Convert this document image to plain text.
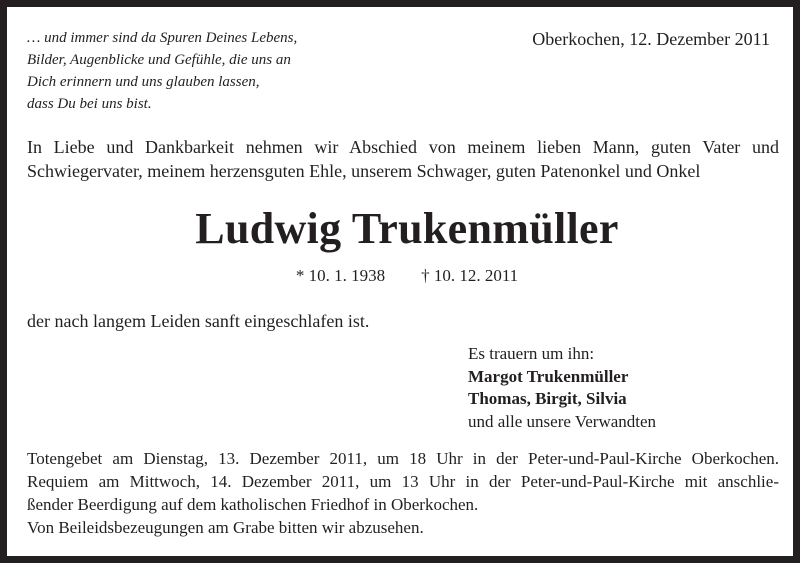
… und immer sind da Spuren Deines Lebens,
Bilder, Augenblicke und Gefühle, die uns an
Dich erinnern und uns glauben lassen,
dass Du bei uns bist.
Oberkochen, 12. Dezember 2011
In Liebe und Dankbarkeit nehmen wir Abschied von meinem lieben Mann, guten Vater und
Schwiegervater, meinem herzensguten Ehle, unserem Schwager, guten Patenonkel und Onkel
Ludwig Trukenmüller
* 10. 1. 1938 † 10. 12. 2011
der nach langem Leiden sanft eingeschlafen ist.
Es trauern um ihn:
Margot Trukenmüller
Thomas, Birgit, Silvia
und alle unsere Verwandten
Totengebet am Dienstag, 13. Dezember 2011, um 18 Uhr in der Peter-und-Paul-Kirche Oberkochen.
Requiem am Mittwoch, 14. Dezember 2011, um 13 Uhr in der Peter-und-Paul-Kirche mit anschlie-
ßender Beerdigung auf dem katholischen Friedhof in Oberkochen.
Von Beileidsbezeugungen am Grabe bitten wir abzusehen.
